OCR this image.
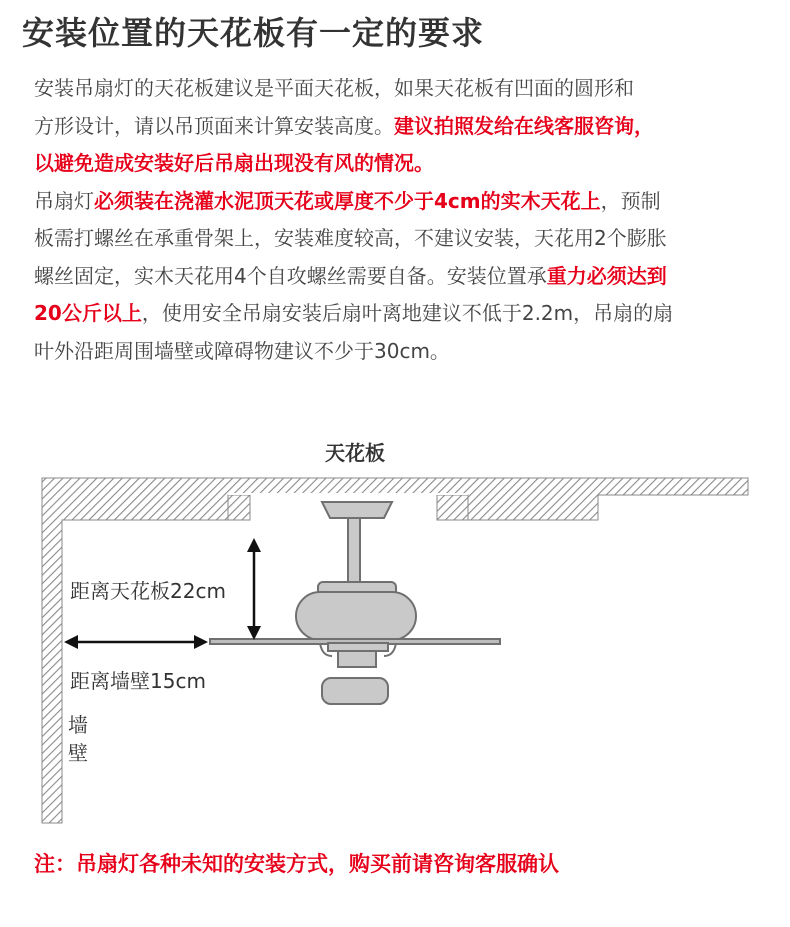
安装位置的天花板有一定的要求
安装吊扇灯的天花板建议是平面天花板，如果天花板有凹面的圆形和
方形设计，请以吊顶面来计算安装高度。建议拍照发给在线客服咨询，
以避免造成安装好后吊扇出现没有风的情况。
吊扇灯必须装在浇灌水泥顶天花或厚度不少于4cm的实木天花上，预制
板需打螺丝在承重骨架上，安装难度较高，不建议安装，天花用2个膨胀
螺丝固定，实木天花用4个自攻螺丝需要自备。安装位置承重力必须达到
20公斤以上，使用安全吊扇安装后扇叶离地建议不低于2.2m，吊扇的扇
叶外沿距周围墙壁或障碍物建议不少于30cm。
天花板
距离天花板22cm
距离墙壁15cm
墙
壁

注：吊扇灯各种未知的安装方式，购买前请咨询客服确认
